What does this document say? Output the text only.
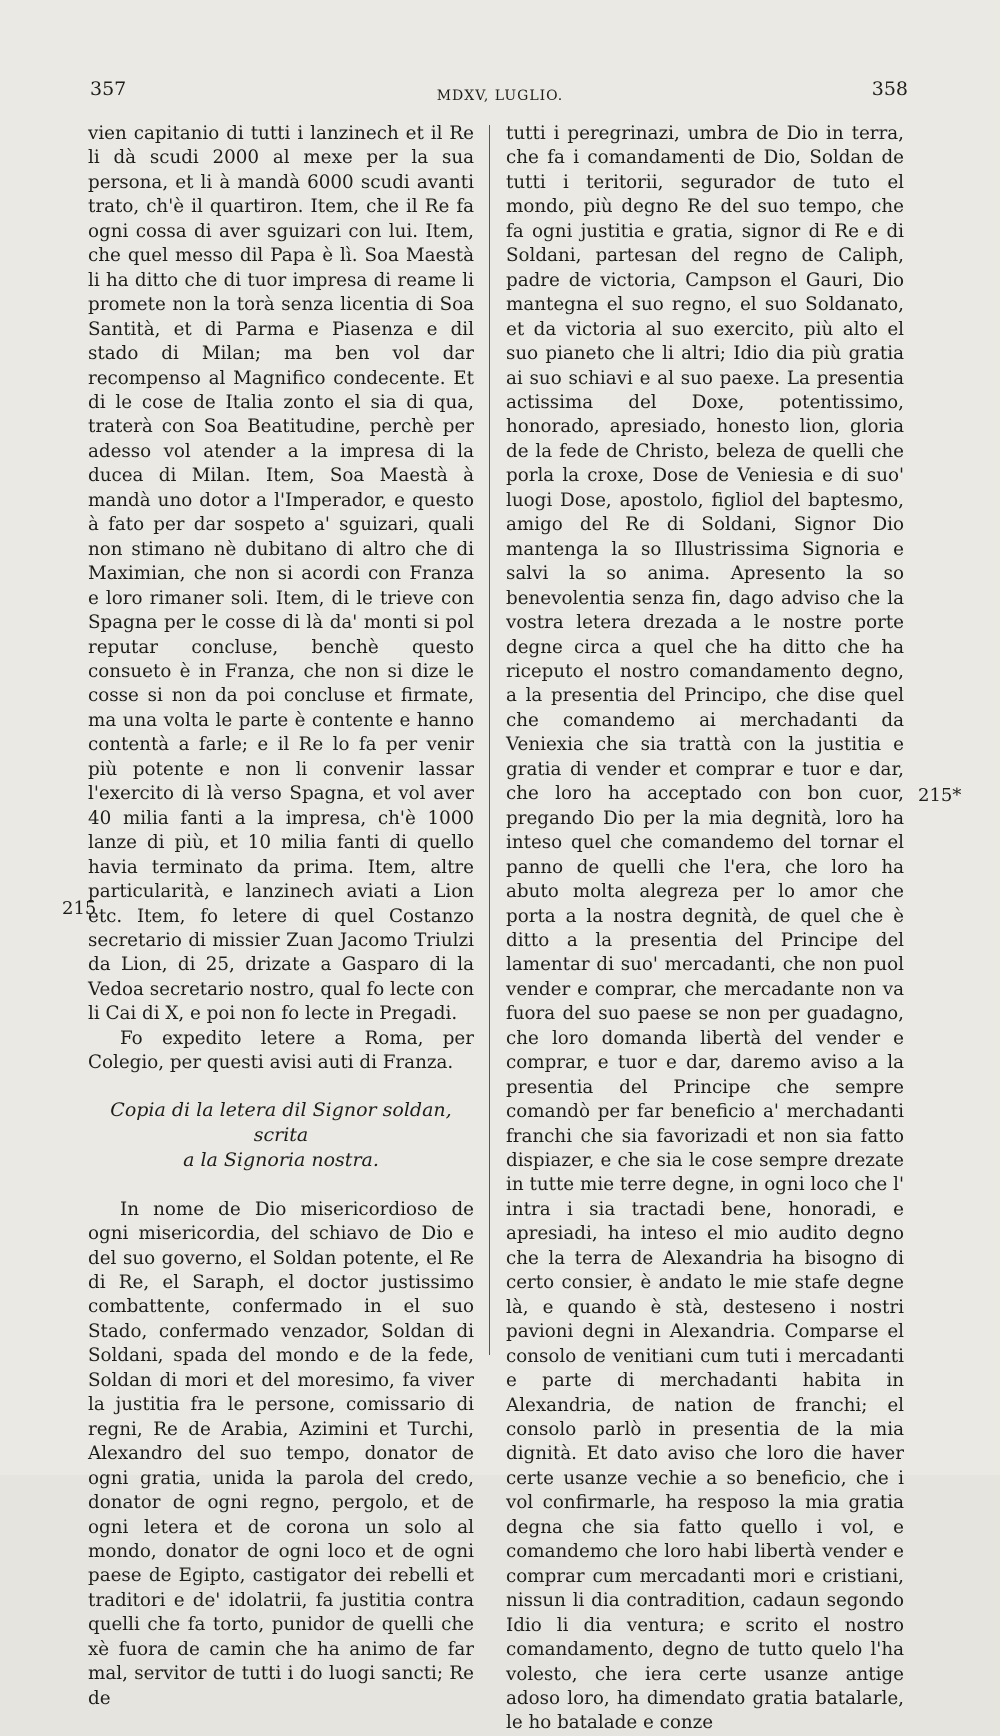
357	MDXV, LUGLIO.	358
215
215*

vien capitanio di tutti i lanzinech et il Re li dà scudi 2000 al mexe per la sua persona, et li à mandà 6000 scudi avanti trato, ch'è il quartiron. Item, che il Re fa ogni cossa di aver sguizari con lui. Item, che quel messo dil Papa è lì. Soa Maestà li ha ditto che di tuor impresa di reame li promete non la torà senza licentia di Soa Santità, et di Parma e Piasenza e dil stado di Milan; ma ben vol dar recompenso al Magnifico condecente. Et di le cose de Italia zonto el sia di qua, traterà con Soa Beatitudine, perchè per adesso vol atender a la impresa di la ducea di Milan. Item, Soa Maestà à mandà uno dotor a l'Imperador, e questo à fato per dar sospeto a' sguizari, quali non stimano nè dubitano di altro che di Maximian, che non si acordi con Franza e loro rimaner soli. Item, di le trieve con Spagna per le cosse di là da' monti si pol reputar concluse, benchè questo consueto è in Franza, che non si dize le cosse si non da poi concluse et firmate, ma una volta le parte è contente e hanno contentà a farle; e il Re lo fa per venir più potente e non li convenir lassar l'exercito di là verso Spagna, et vol aver 40 milia fanti a la impresa, ch'è 1000 lanze di più, et 10 milia fanti di quello havia terminato da prima. Item, altre particularità, e lanzinech aviati a Lion etc. Item, fo letere di quel Costanzo secretario di missier Zuan Jacomo Triulzi da Lion, di 25, drizate a Gasparo di la Vedoa secretario nostro, qual fo lecte con li Cai di X, e poi non fo lecte in Pregadi.

Fo expedito letere a Roma, per Colegio, per questi avisi auti di Franza.

Copia di la letera dil Signor soldan, scrita
a la Signoria nostra.

In nome de Dio misericordioso de ogni misericordia, del schiavo de Dio e del suo governo, el Soldan potente, el Re di Re, el Saraph, el doctor justissimo combattente, confermado in el suo Stado, confermado venzador, Soldan di Soldani, spada del mondo e de la fede, Soldan di mori et del moresimo, fa viver la justitia fra le persone, comissario di regni, Re de Arabia, Azimini et Turchi, Alexandro del suo tempo, donator de ogni gratia, unida la parola del credo, donator de ogni regno, pergolo, et de ogni letera et de corona un solo al mondo, donator de ogni loco et de ogni paese de Egipto, castigator dei rebelli et traditori e de' idolatrii, fa justitia contra quelli che fa torto, punidor de quelli che xè fuora de camin che ha animo de far mal, servitor de tutti i do luogi sancti; Re de

tutti i peregrinazi, umbra de Dio in terra, che fa i comandamenti de Dio, Soldan de tutti i teritorii, segurador de tuto el mondo, più degno Re del suo tempo, che fa ogni justitia e gratia, signor di Re e di Soldani, partesan del regno de Caliph, padre de victoria, Campson el Gauri, Dio mantegna el suo regno, el suo Soldanato, et da victoria al suo exercito, più alto el suo pianeto che li altri; Idio dia più gratia ai suo schiavi e al suo paexe. La presentia actissima del Doxe, potentissimo, honorado, apresiado, honesto lion, gloria de la fede de Christo, beleza de quelli che porla la croxe, Dose de Veniesia e di suo' luogi Dose, apostolo, figliol del baptesmo, amigo del Re di Soldani, Signor Dio mantenga la so Illustrissima Signoria e salvi la so anima. Apresento la so benevolentia senza fin, dago adviso che la vostra letera drezada a le nostre porte degne circa a quel che ha ditto che ha riceputo el nostro comandamento degno, a la presentia del Principo, che dise quel che comandemo ai merchadanti da Veniexia che sia trattà con la justitia e gratia di vender et comprar e tuor e dar, che loro ha acceptado con bon cuor, pregando Dio per la mia degnità, loro ha inteso quel che comandemo del tornar el panno de quelli che l'era, che loro ha abuto molta alegreza per lo amor che porta a la nostra degnità, de quel che è ditto a la presentia del Principe del lamentar di suo' mercadanti, che non puol vender e comprar, che mercadante non va fuora del suo paese se non per guadagno, che loro domanda libertà del vender e comprar, e tuor e dar, daremo aviso a la presentia del Principe che sempre comandò per far beneficio a' merchadanti franchi che sia favorizadi et non sia fatto dispiazer, e che sia le cose sempre drezate in tutte mie terre degne, in ogni loco che l' intra i sia tractadi bene, honoradi, e apresiadi, ha inteso el mio audito degno che la terra de Alexandria ha bisogno di certo consier, è andato le mie stafe degne là, e quando è stà, desteseno i nostri pavioni degni in Alexandria. Comparse el consolo de venitiani cum tuti i mercadanti e parte di merchadanti habita in Alexandria, de nation de franchi; el consolo parlò in presentia de la mia dignità. Et dato aviso che loro die haver certe usanze vechie a so beneficio, che i vol confirmarle, ha resposo la mia gratia degna che sia fatto quello i vol, e comandemo che loro habi libertà vender e comprar cum mercadanti mori e cristiani, nissun li dia contradition, cadaun segondo Idio li dia ventura; e scrito el nostro comandamento, degno de tutto quelo l'ha volesto, che iera certe usanze antige adoso loro, ha dimendato gratia batalarle, le ho batalade e conze
